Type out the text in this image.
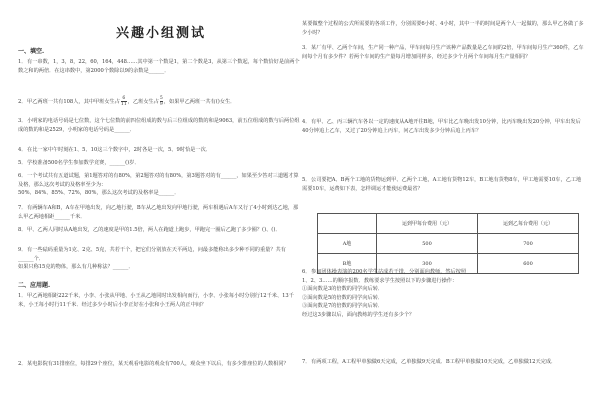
兴趣小组测试
一、填空.
1．有一串数，1，3，8，22，60，164，448……其中第一个数是1，第二个数是3，从第三个数起，每个数恰好是前两个数之和的两倍．在这串数中，第2000个数除以9的余数是______．
2．甲乙两班一共有108人，其中甲班女生占 $\frac{6}{11}$ ，乙班女生占 $\frac{5}{9}$ ，如果甲乙两班一共有()女生．
3．小明家的电话号码是七位数，这个七位数的前四位组成的数与后三位组成的数的和是9063，前五位组成的数与后两位组成的数的和是2529，小明家的电话号码是______．
4．在比一家中午时刻在1、5、10这三个数字中，2时各是一次，5、9时恰是一次．
5．学校准备500名学生参加数学竞赛，______()岁．
6．一个考试共有五道试题，第1题答对的有80%，第2题答对的有80%，第3题答对的有______，如果至少答对三道题才算及格，那么这次考试的及格率至少为：
50%、84%、85%、72%，80%，那么这次考试的及格率是______．
7．有两辆车A和B，A车在甲地出发，向乙地行驶，B车从乙地出发向甲地行驶，两车相遇后A车又行了4小时到达乙地，那么甲乙两地相距______千米．
8．甲、乙两人同时从A地出发，乙的速度是甲的1.5倍，两人在跑道上跑步，甲跑完一圈后乙跑了多少圈？()、()．
9．有一些砝码重量为1克、2克、5克，共若干个，把它们分别放在天平两边，问最多能称出多少种不同的重量？共有______个．
如果只称15克的物体，那么有几种称法？______．
二、应用题.
1．甲乙两地相距222千米，小李、小张从甲地、小王从乙地同时出发相向而行，小李、小张每小时分别行12千米、13千米，小王每小时行11千米．经过多少小时后小李正好在小张和小王两人的正中间？
2．某电影院有31排座位，每排29个座位，某天观看电影的观众有700人，观众坐下以后，有多少排座位的人数相同？
某要做整个过程的公式所需要的各项工作，分别需要6小时、4小时，其中一半的时间是两个人一起做的，那么甲乙各做了多少小时？
3．某厂有甲、乙两个车间，生产同一种产品，甲车间每月生产该种产品数量是乙车间的2倍，甲车间每月生产360件，乙车间每个月有多少件？若两个车间的生产量每月增加同样多，经过多少个月两个车间每月生产量相同？
4．有甲、乙、丙三辆汽车各以一定的速度从A地开往B地，甲车比乙车晚出发10分钟，比丙车晚出发20分钟，甲车出发后40分钟追上乙车，又过了20分钟追上丙车，问乙车出发多少分钟后追上丙车？
5．公司要把A、B两个工地的货物运到甲、乙两个工地，A工地有货物12车，B工地有货物8车，甲工地需要10车，乙工地需要10车，运费如下表，怎样调运才能使运费最省？
	运到甲每台费用（元）	运到乙每台费用（元）
A地	500	700
B地	300	600
6．参加团体操表演的200名学生站成若干排，分别面向教师，然后按照
1、2、3……的顺序报数．教练要求学生按照以下的步骤进行操作：
①面向数是3的倍数的同学向后转．
②面向数是5的倍数的同学向后转．
③面向数是7的倍数的同学向后转．
经过这3步骤以后，面向教练的学生还有多少个？
7．有两项工程，A工程甲单独做6天完成，乙单独做9天完成．B工程甲单独做10天完成，乙单独做12天完成．
